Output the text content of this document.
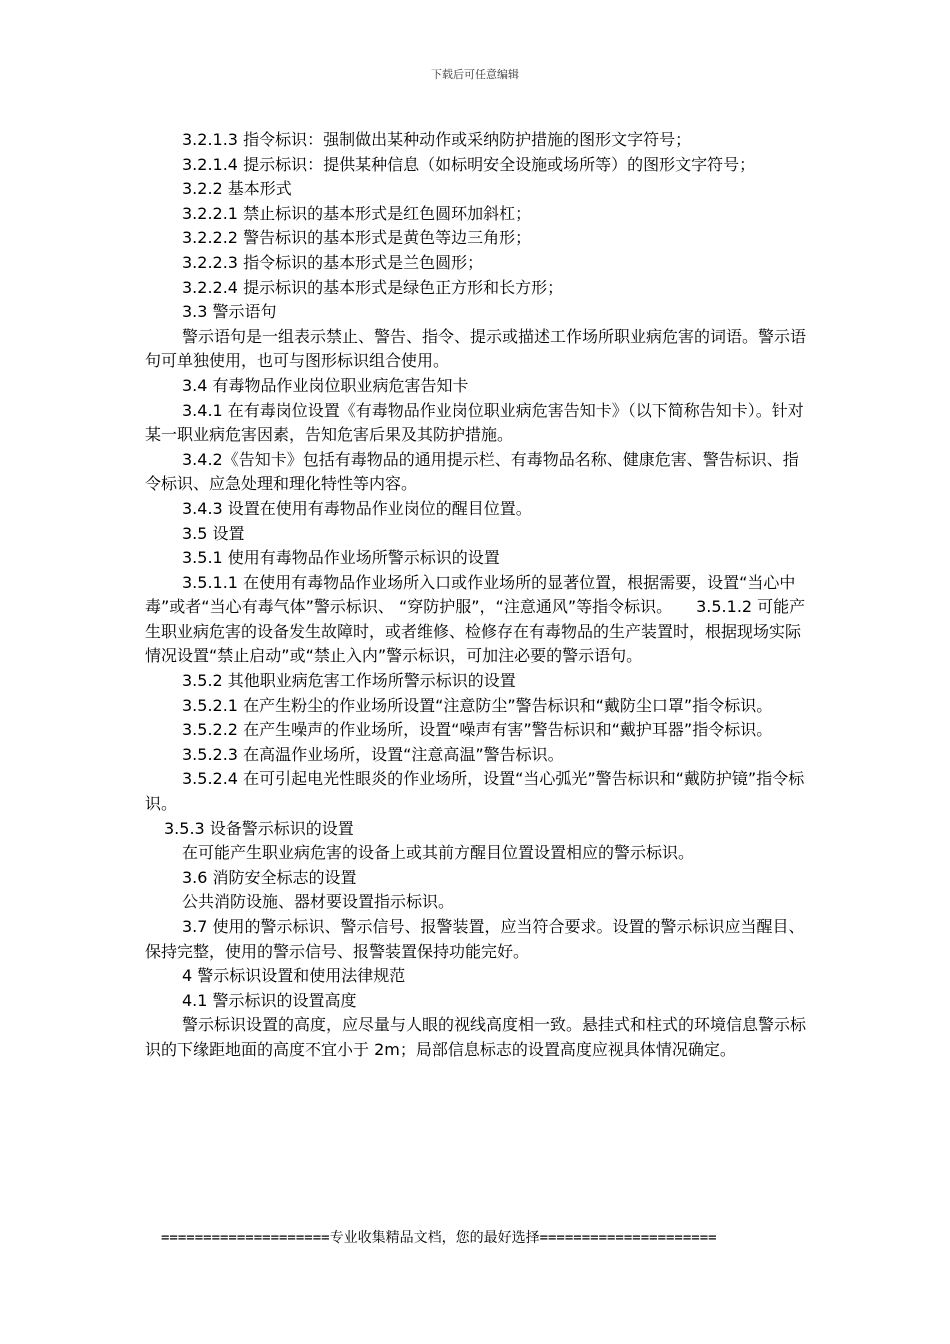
下载后可任意编辑

3.2.1.3 指令标识：强制做出某种动作或采纳防护措施的图形文字符号；

3.2.1.4 提示标识：提供某种信息（如标明安全设施或场所等）的图形文字符号；

3.2.2 基本形式

3.2.2.1 禁止标识的基本形式是红色圆环加斜杠；

3.2.2.2 警告标识的基本形式是黄色等边三角形；

3.2.2.3 指令标识的基本形式是兰色圆形；

3.2.2.4 提示标识的基本形式是绿色正方形和长方形；

3.3 警示语句

警示语句是一组表示禁止、警告、指令、提示或描述工作场所职业病危害的词语。警示语句可单独使用，也可与图形标识组合使用。

3.4 有毒物品作业岗位职业病危害告知卡

3.4.1 在有毒岗位设置《有毒物品作业岗位职业病危害告知卡》（以下简称告知卡）。针对某一职业病危害因素，告知危害后果及其防护措施。

3.4.2《告知卡》包括有毒物品的通用提示栏、有毒物品名称、健康危害、警告标识、指令标识、应急处理和理化特性等内容。

3.4.3 设置在使用有毒物品作业岗位的醒目位置。

3.5 设置

3.5.1 使用有毒物品作业场所警示标识的设置

3.5.1.1 在使用有毒物品作业场所入口或作业场所的显著位置，根据需要，设置“当心中毒”或者“当心有毒气体”警示标识、 “穿防护服”，“注意通风”等指令标识。　　3.5.1.2 可能产生职业病危害的设备发生故障时，或者维修、检修存在有毒物品的生产装置时，根据现场实际情况设置“禁止启动”或“禁止入内”警示标识，可加注必要的警示语句。

3.5.2 其他职业病危害工作场所警示标识的设置

3.5.2.1 在产生粉尘的作业场所设置“注意防尘”警告标识和“戴防尘口罩”指令标识。

3.5.2.2 在产生噪声的作业场所，设置“噪声有害”警告标识和“戴护耳器”指令标识。

3.5.2.3 在高温作业场所，设置“注意高温”警告标识。

3.5.2.4 在可引起电光性眼炎的作业场所，设置“当心弧光”警告标识和“戴防护镜”指令标识。

3.5.3 设备警示标识的设置

在可能产生职业病危害的设备上或其前方醒目位置设置相应的警示标识。

3.6 消防安全标志的设置

公共消防设施、器材要设置指示标识。

3.7 使用的警示标识、警示信号、报警装置，应当符合要求。设置的警示标识应当醒目、保持完整，使用的警示信号、报警装置保持功能完好。

4 警示标识设置和使用法律规范

4.1 警示标识的设置高度

警示标识设置的高度，应尽量与人眼的视线高度相一致。悬挂式和柱式的环境信息警示标识的下缘距地面的高度不宜小于 2m；局部信息标志的设置高度应视具体情况确定。

====================专业收集精品文档，您的最好选择=====================
